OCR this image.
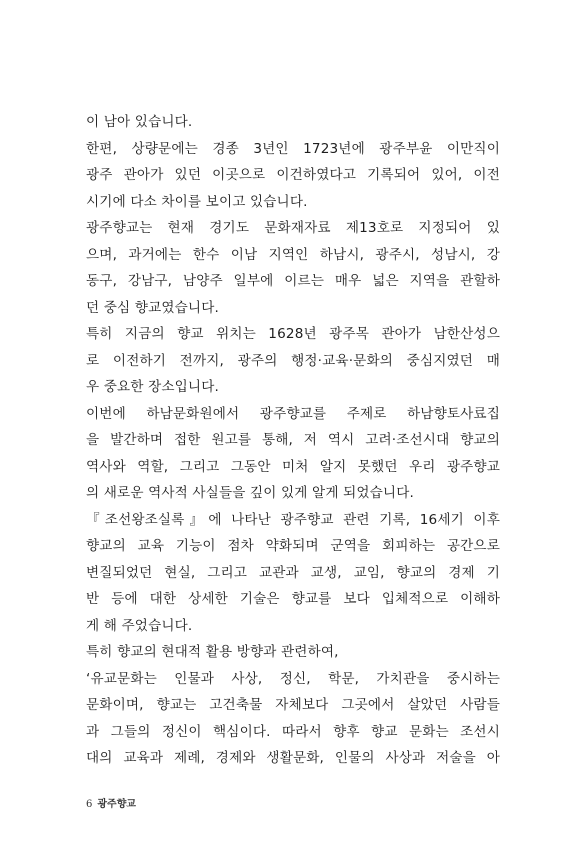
이 남아 있습니다.
한편, 상량문에는 경종 3년인 1723년에 광주부윤 이만직이
광주 관아가 있던 이곳으로 이건하였다고 기록되어 있어, 이전
시기에 다소 차이를 보이고 있습니다.
광주향교는 현재 경기도 문화재자료 제13호로 지정되어 있
으며, 과거에는 한수 이남 지역인 하남시, 광주시, 성남시, 강
동구, 강남구, 남양주 일부에 이르는 매우 넓은 지역을 관할하
던 중심 향교였습니다.
특히 지금의 향교 위치는 1628년 광주목 관아가 남한산성으
로 이전하기 전까지, 광주의 행정·교육·문화의 중심지였던 매
우 중요한 장소입니다.
이번에 하남문화원에서 광주향교를 주제로 하남향토사료집
을 발간하며 접한 원고를 통해, 저 역시 고려·조선시대 향교의
역사와 역할, 그리고 그동안 미처 알지 못했던 우리 광주향교
의 새로운 역사적 사실들을 깊이 있게 알게 되었습니다.
『조선왕조실록』에 나타난 광주향교 관련 기록, 16세기 이후
향교의 교육 기능이 점차 약화되며 군역을 회피하는 공간으로
변질되었던 현실, 그리고 교관과 교생, 교임, 향교의 경제 기
반 등에 대한 상세한 기술은 향교를 보다 입체적으로 이해하
게 해 주었습니다.
특히 향교의 현대적 활용 방향과 관련하여,
‘유교문화는 인물과 사상, 정신, 학문, 가치관을 중시하는
문화이며, 향교는 고건축물 자체보다 그곳에서 살았던 사람들
과 그들의 정신이 핵심이다. 따라서 향후 향교 문화는 조선시
대의 교육과 제례, 경제와 생활문화, 인물의 사상과 저술을 아
6 광주향교
